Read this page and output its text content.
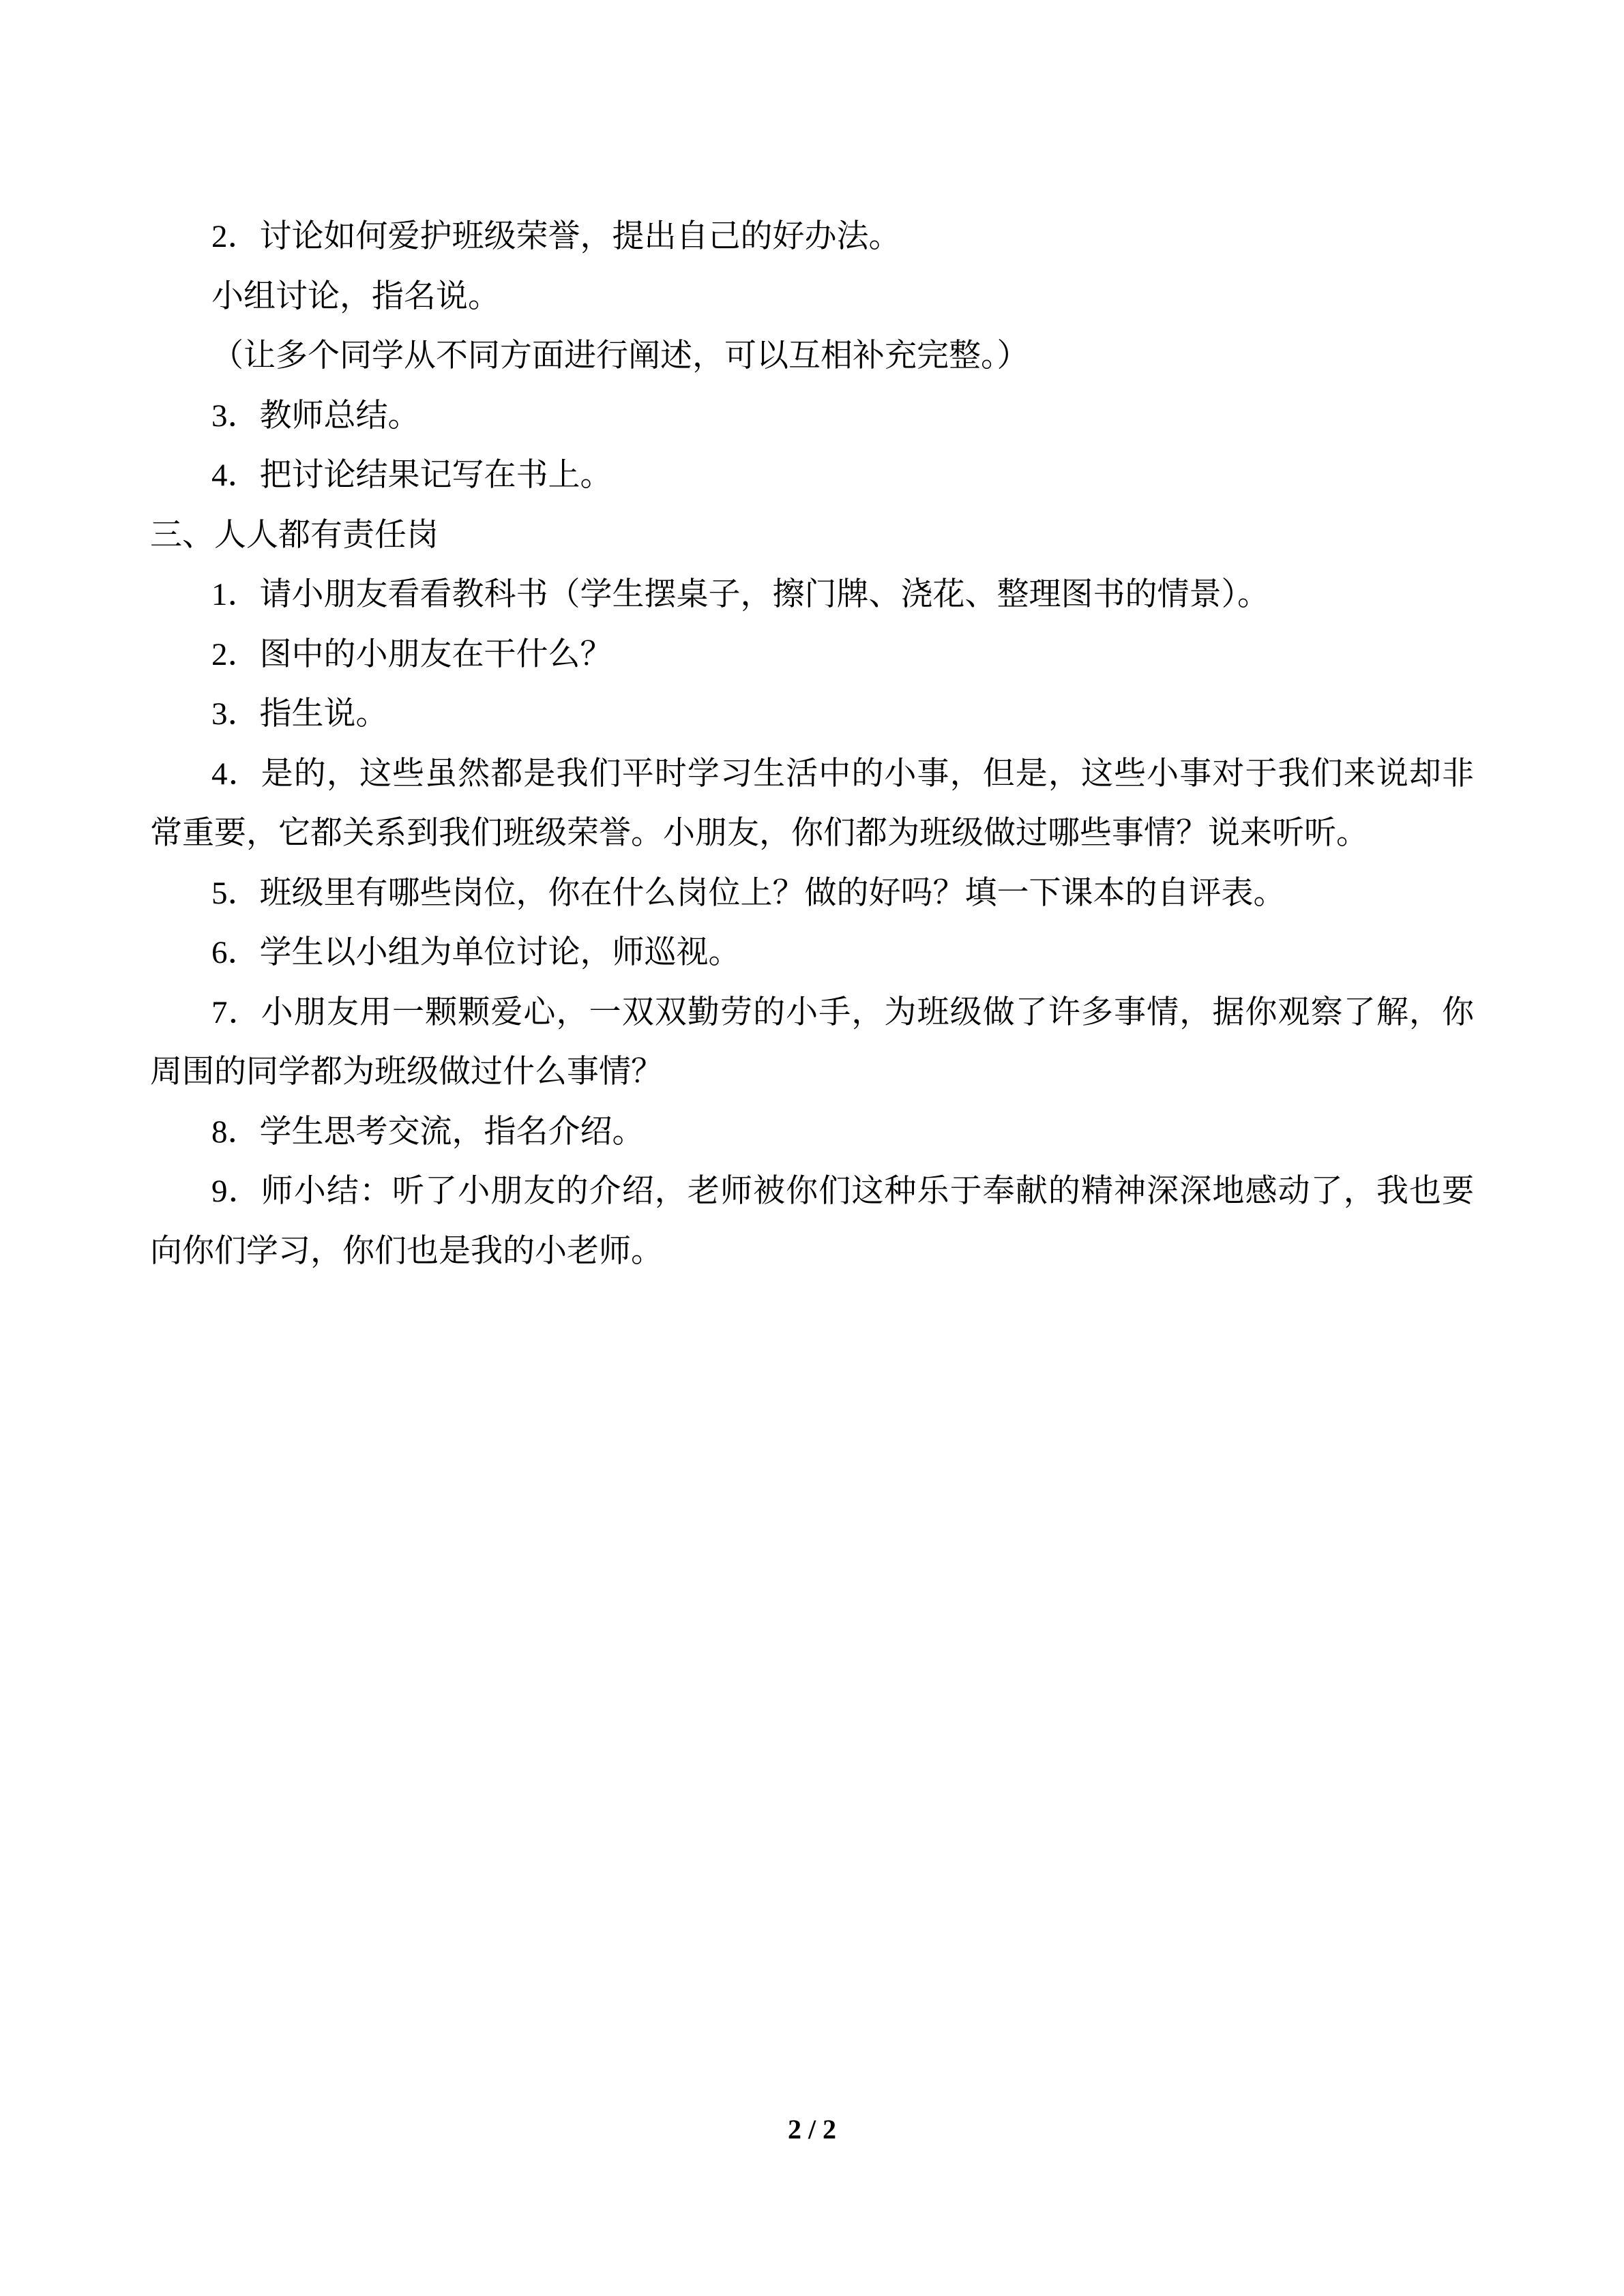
2．讨论如何爱护班级荣誉，提出自己的好办法。
小组讨论，指名说。
（让多个同学从不同方面进行阐述，可以互相补充完整。）
3．教师总结。
4．把讨论结果记写在书上。
三、人人都有责任岗
1．请小朋友看看教科书（学生摆桌子，擦门牌、浇花、整理图书的情景）。
2．图中的小朋友在干什么？
3．指生说。
4．是的，这些虽然都是我们平时学习生活中的小事，但是，这些小事对于我们来说却非
常重要，它都关系到我们班级荣誉。小朋友，你们都为班级做过哪些事情？说来听听。
5．班级里有哪些岗位，你在什么岗位上？做的好吗？填一下课本的自评表。
6．学生以小组为单位讨论，师巡视。
7．小朋友用一颗颗爱心，一双双勤劳的小手，为班级做了许多事情，据你观察了解，你
周围的同学都为班级做过什么事情？
8．学生思考交流，指名介绍。
9．师小结：听了小朋友的介绍，老师被你们这种乐于奉献的精神深深地感动了，我也要
向你们学习，你们也是我的小老师。
2 / 2
